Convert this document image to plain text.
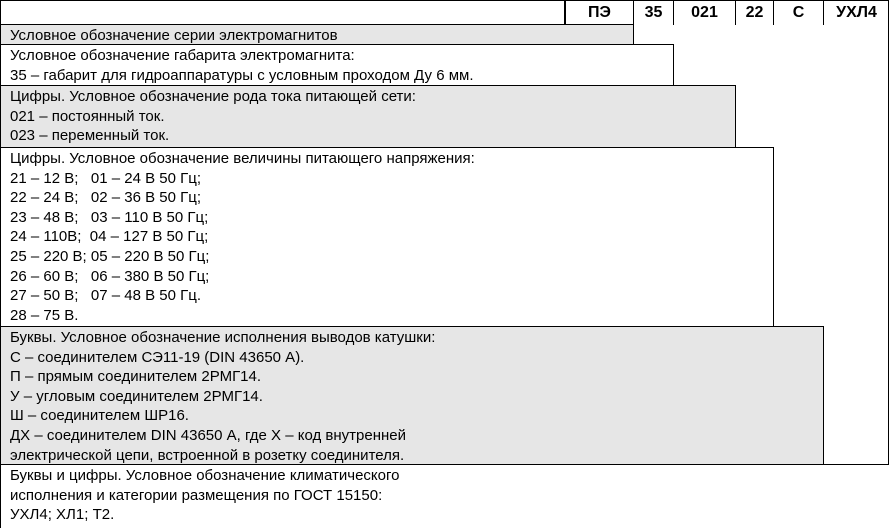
ПЭ	35	021	22	С	УХЛ4
Условное обозначение серии электромагнитов
Условное обозначение габарита электромагнита:
35 – габарит для гидроаппаратуры с условным проходом Ду 6 мм.
Цифры. Условное обозначение рода тока питающей сети:
021 – постоянный ток.
023 – переменный ток.
Цифры. Условное обозначение величины питающего напряжения:
21 – 12 В;   01 – 24 В 50 Гц;
22 – 24 В;   02 – 36 В 50 Гц;
23 – 48 В;   03 – 110 В 50 Гц;
24 – 110В;  04 – 127 В 50 Гц;
25 – 220 В; 05 – 220 В 50 Гц;
26 – 60 В;   06 – 380 В 50 Гц;
27 – 50 В;   07 – 48 В 50 Гц.
28 – 75 В.
Буквы. Условное обозначение исполнения выводов катушки:
С – соединителем СЭ11-19 (DIN 43650 А).
П – прямым соединителем 2РМГ14.
У – угловым соединителем 2РМГ14.
Ш – соединителем ШР16.
ДХ – соединителем DIN 43650 А, где Х – код внутренней
электрической цепи, встроенной в розетку соединителя.
Буквы и цифры. Условное обозначение климатического
исполнения и категории размещения по ГОСТ 15150:
УХЛ4; ХЛ1; Т2.
